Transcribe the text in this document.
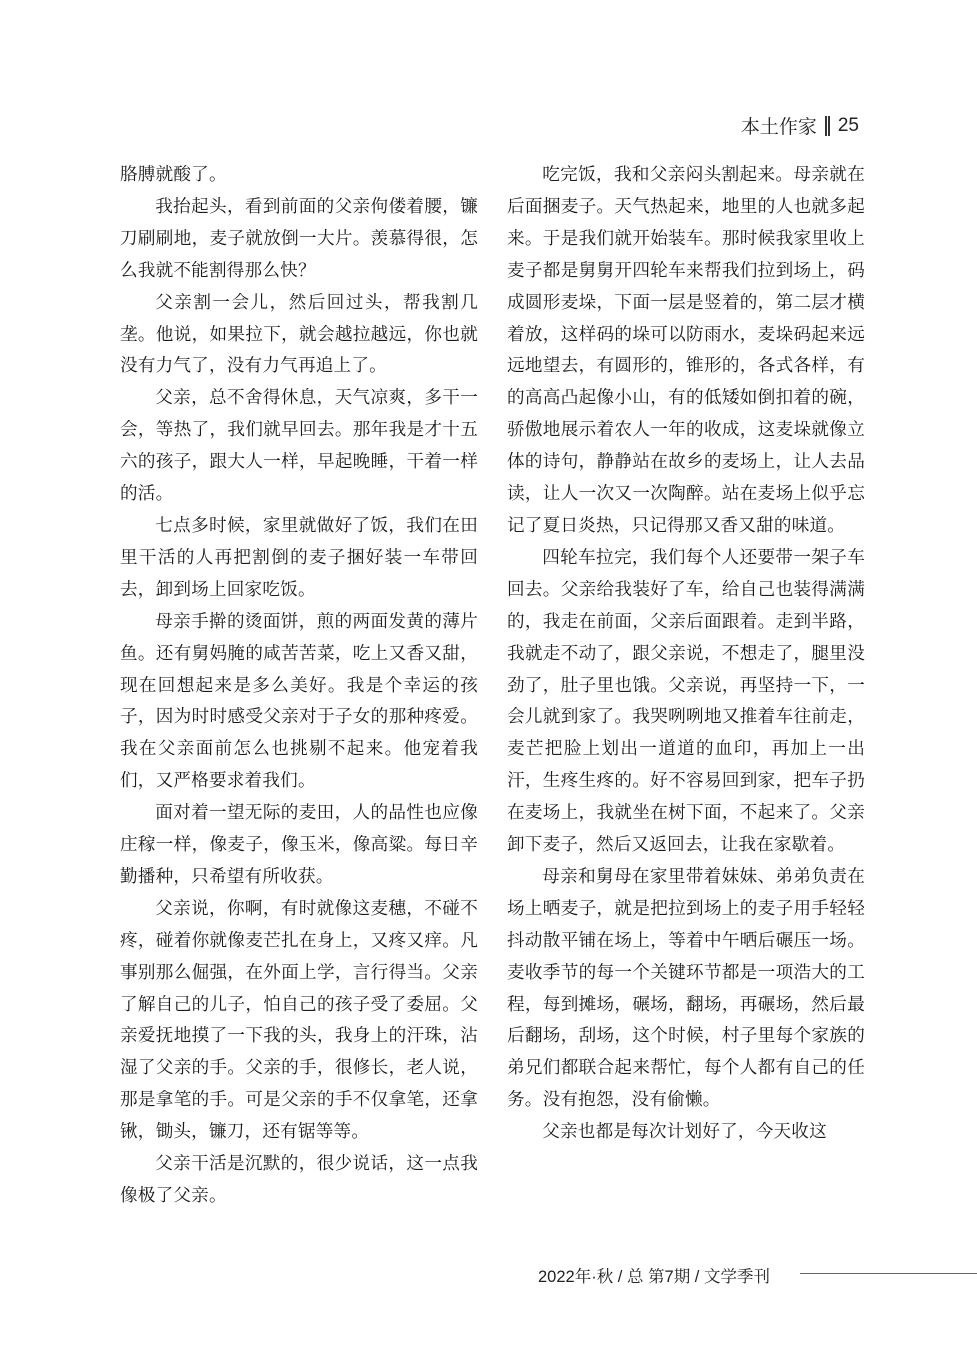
本土作家 25

胳膊就酸了。

我抬起头，看到前面的父亲佝偻着腰，镰刀刷刷地，麦子就放倒一大片。羡慕得很，怎么我就不能割得那么快？

父亲割一会儿，然后回过头，帮我割几垄。他说，如果拉下，就会越拉越远，你也就没有力气了，没有力气再追上了。

父亲，总不舍得休息，天气凉爽，多干一会，等热了，我们就早回去。那年我是才十五六的孩子，跟大人一样，早起晚睡，干着一样的活。

七点多时候，家里就做好了饭，我们在田里干活的人再把割倒的麦子捆好装一车带回去，卸到场上回家吃饭。

母亲手擀的烫面饼，煎的两面发黄的薄片鱼。还有舅妈腌的咸苦苦菜，吃上又香又甜，现在回想起来是多么美好。我是个幸运的孩子，因为时时感受父亲对于子女的那种疼爱。我在父亲面前怎么也挑剔不起来。他宠着我们，又严格要求着我们。

面对着一望无际的麦田，人的品性也应像庄稼一样，像麦子，像玉米，像高粱。每日辛勤播种，只希望有所收获。

父亲说，你啊，有时就像这麦穗，不碰不疼，碰着你就像麦芒扎在身上，又疼又痒。凡事别那么倔强，在外面上学，言行得当。父亲了解自己的儿子，怕自己的孩子受了委屈。父亲爱抚地摸了一下我的头，我身上的汗珠，沾湿了父亲的手。父亲的手，很修长，老人说，那是拿笔的手。可是父亲的手不仅拿笔，还拿锹，锄头，镰刀，还有锯等等。

父亲干活是沉默的，很少说话，这一点我像极了父亲。

吃完饭，我和父亲闷头割起来。母亲就在后面捆麦子。天气热起来，地里的人也就多起来。于是我们就开始装车。那时候我家里收上麦子都是舅舅开四轮车来帮我们拉到场上，码成圆形麦垛，下面一层是竖着的，第二层才横着放，这样码的垛可以防雨水，麦垛码起来远远地望去，有圆形的，锥形的，各式各样，有的高高凸起像小山，有的低矮如倒扣着的碗，骄傲地展示着农人一年的收成，这麦垛就像立体的诗句，静静站在故乡的麦场上，让人去品读，让人一次又一次陶醉。站在麦场上似乎忘记了夏日炎热，只记得那又香又甜的味道。

四轮车拉完，我们每个人还要带一架子车回去。父亲给我装好了车，给自己也装得满满的，我走在前面，父亲后面跟着。走到半路，我就走不动了，跟父亲说，不想走了，腿里没劲了，肚子里也饿。父亲说，再坚持一下，一会儿就到家了。我哭咧咧地又推着车往前走，麦芒把脸上划出一道道的血印，再加上一出汗，生疼生疼的。好不容易回到家，把车子扔在麦场上，我就坐在树下面，不起来了。父亲卸下麦子，然后又返回去，让我在家歇着。

母亲和舅母在家里带着妹妹、弟弟负责在场上晒麦子，就是把拉到场上的麦子用手轻轻抖动散平铺在场上，等着中午晒后碾压一场。麦收季节的每一个关键环节都是一项浩大的工程，每到摊场，碾场，翻场，再碾场，然后最后翻场，刮场，这个时候，村子里每个家族的弟兄们都联合起来帮忙，每个人都有自己的任务。没有抱怨，没有偷懒。

父亲也都是每次计划好了，今天收这

2022年·秋 / 总 第7期 / 文学季刊
